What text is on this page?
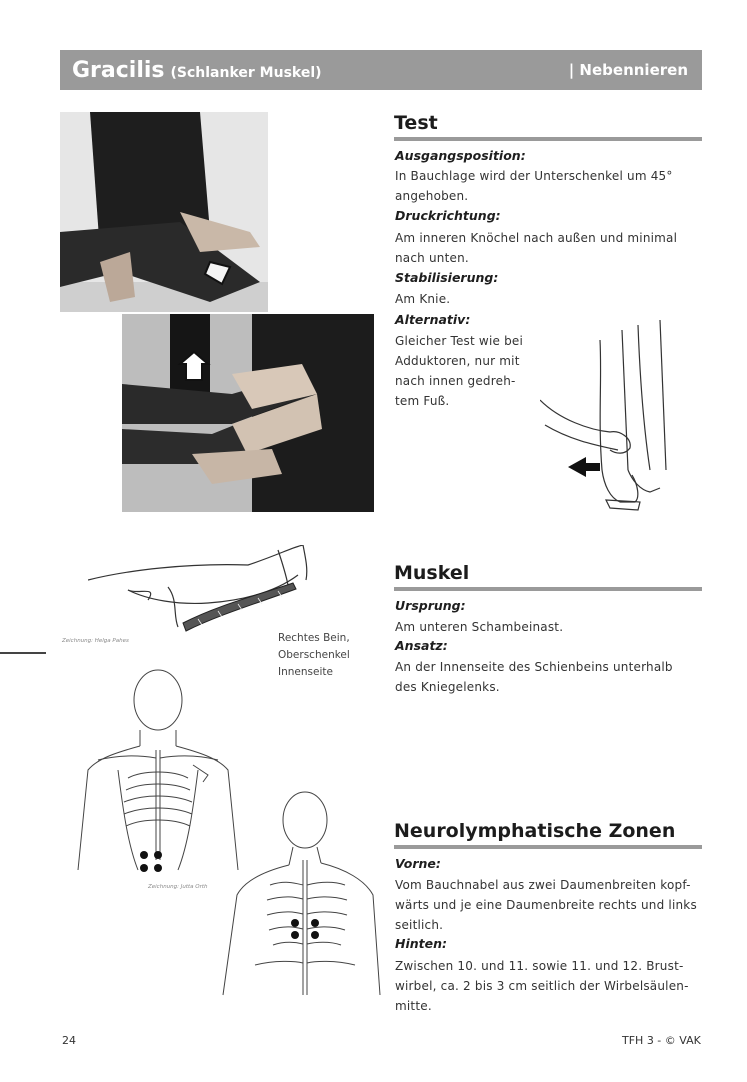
Gracilis (Schlanker Muskel)	| Nebennieren
Zeichnung: Helga Pahes	Rechtes Bein,
Oberschenkel
Innenseite
Zeichnung: Jutta Orth
Test
Ausgangsposition:
In Bauchlage wird der Unterschenkel um 45°
angehoben.
Druckrichtung:
Am inneren Knöchel nach außen und minimal
nach unten.
Stabilisierung:
Am Knie.
Alternativ:
Gleicher Test wie bei
Adduktoren, nur mit
nach innen gedreh-
tem Fuß.
Muskel
Ursprung:
Am unteren Schambeinast.
Ansatz:
An der Innenseite des Schienbeins unterhalb
des Kniegelenks.
Neurolymphatische Zonen
Vorne:
Vom Bauchnabel aus zwei Daumenbreiten kopf-
wärts und je eine Daumenbreite rechts und links
seitlich.
Hinten:
Zwischen 10. und 11. sowie 11. und 12. Brust-
wirbel, ca. 2 bis 3 cm seitlich der Wirbelsäulen-
mitte.
24	TFH 3 - © VAK
